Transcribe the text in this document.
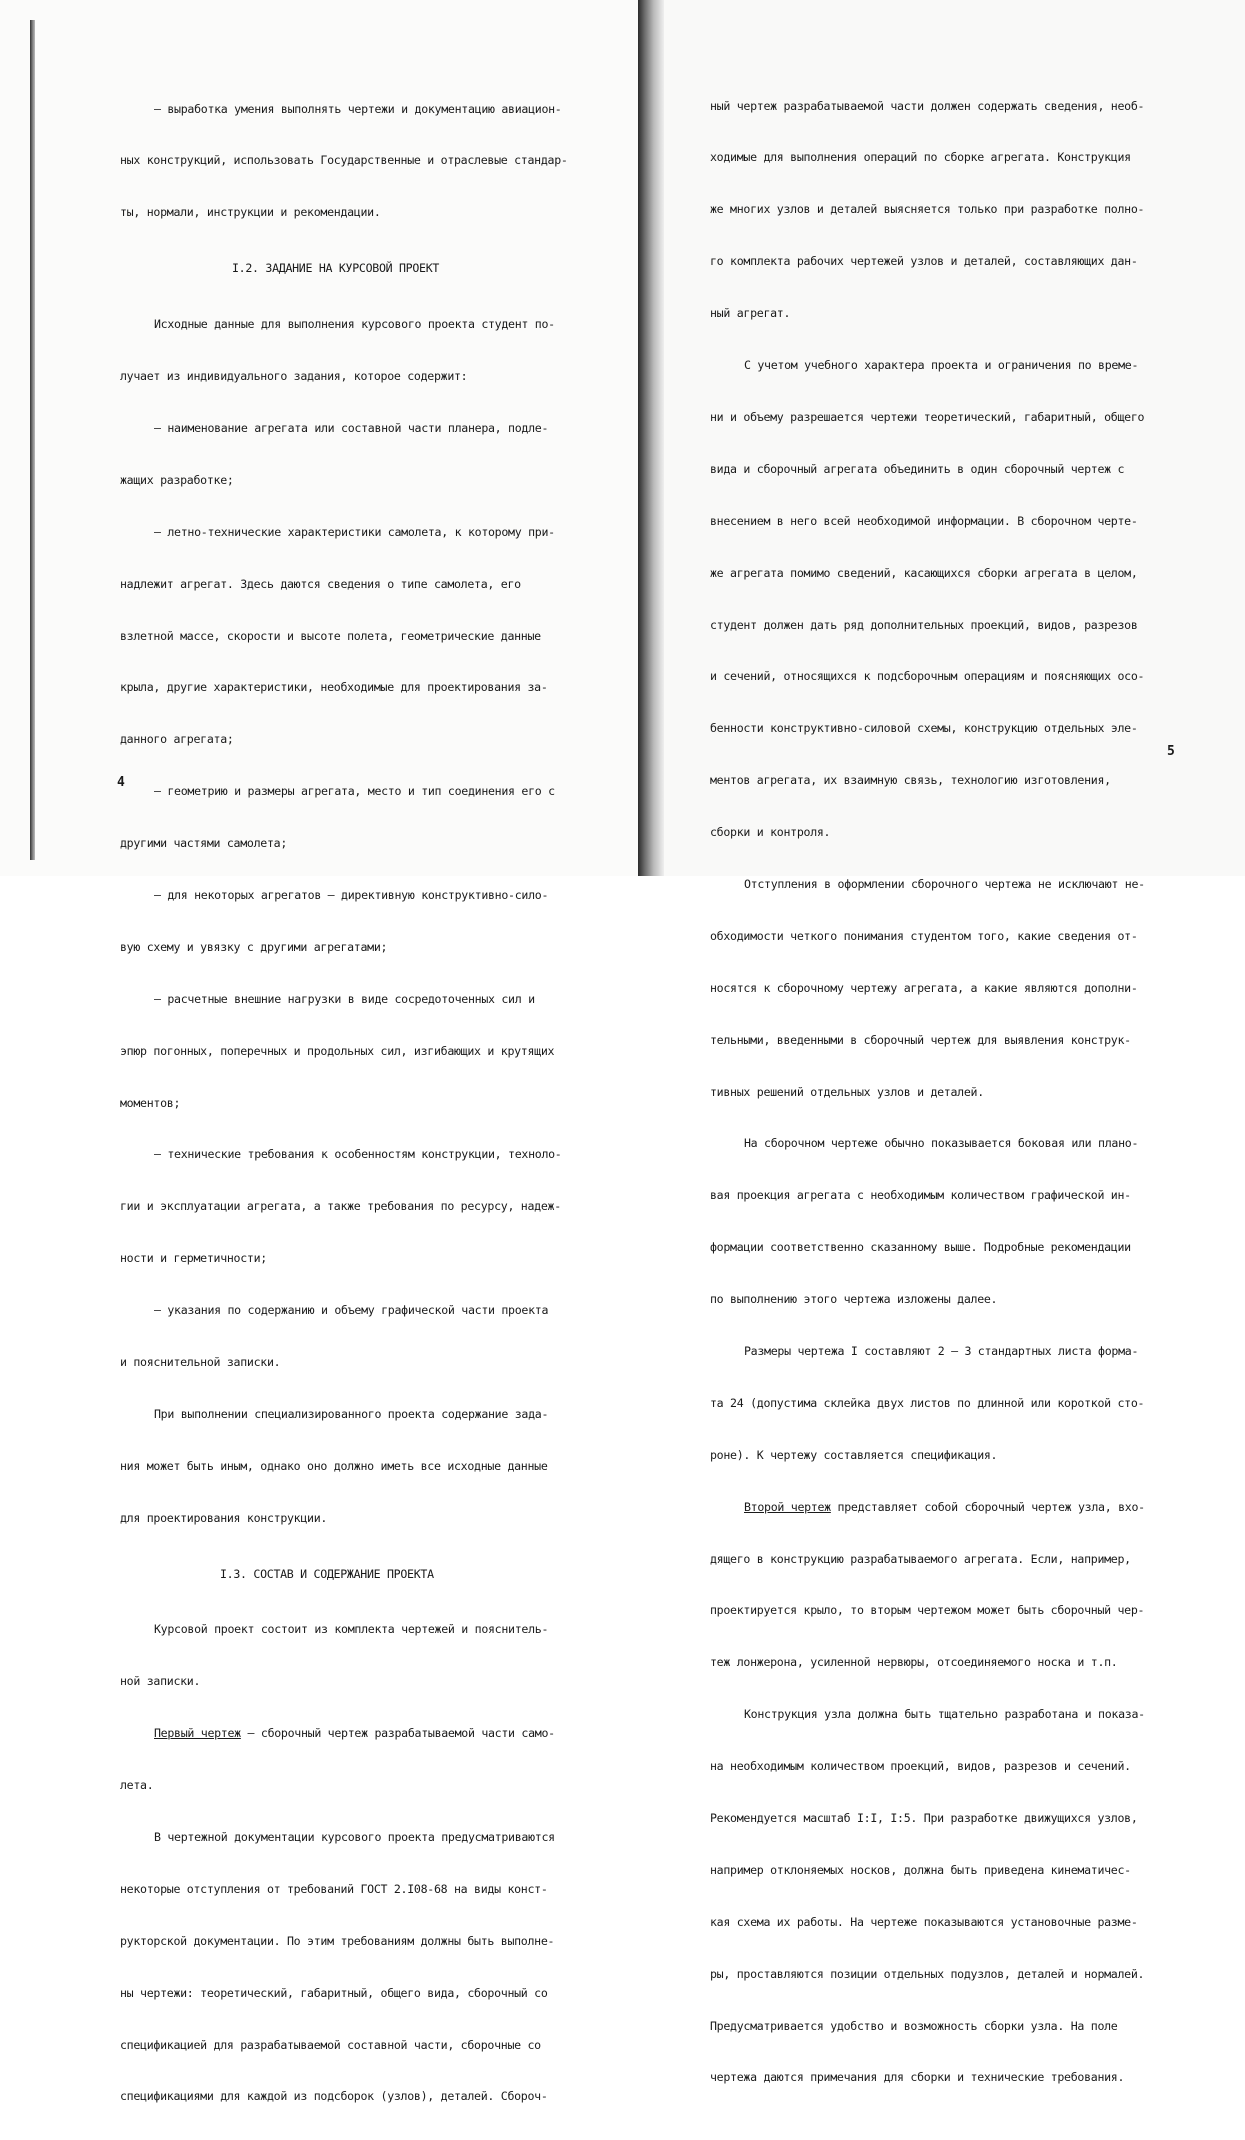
– выработка умения выполнять чертежи и документацию авиацион-

ных конструкций, использовать Государственные и отраслевые стандар-

ты, нормали, инструкции и рекомендации.

I.2. ЗАДАНИЕ НА КУРСОВОЙ ПРОЕКТ

Исходные данные для выполнения курсового проекта студент по-

лучает из индивидуального задания, которое содержит:

– наименование агрегата или составной части планера, подле-

жащих разработке;

– летно-технические характеристики самолета, к которому при-

надлежит агрегат. Здесь даются сведения о типе самолета, его

взлетной массе, скорости и высоте полета, геометрические данные

крыла, другие характеристики, необходимые для проектирования за-

данного агрегата;

– геометрию и размеры агрегата, место и тип соединения его с

другими частями самолета;

– для некоторых агрегатов – директивную конструктивно-сило-

вую схему и увязку с другими агрегатами;

– расчетные внешние нагрузки в виде сосредоточенных сил и

эпюр погонных, поперечных и продольных сил, изгибающих и крутящих

моментов;

– технические требования к особенностям конструкции, техноло-

гии и эксплуатации агрегата, а также требования по ресурсу, надеж-

ности и герметичности;

– указания по содержанию и объему графической части проекта

и пояснительной записки.

При выполнении специализированного проекта содержание зада-

ния может быть иным, однако оно должно иметь все исходные данные

для проектирования конструкции.

I.3. СОСТАВ И СОДЕРЖАНИЕ ПРОЕКТА

Курсовой проект состоит из комплекта чертежей и пояснитель-

ной записки.

Первый чертеж – сборочный чертеж разрабатываемой части само-

лета.

В чертежной документации курсового проекта предусматриваются

некоторые отступления от требований ГОСТ 2.I08-68 на виды конст-

рукторской документации. По этим требованиям должны быть выполне-

ны чертежи: теоретический, габаритный, общего вида, сборочный со

спецификацией для разрабатываемой составной части, сборочные со

спецификациями для каждой из подсборок (узлов), деталей. Сбороч-

4

ный чертеж разрабатываемой части должен содержать сведения, необ-

ходимые для выполнения операций по сборке агрегата. Конструкция

же многих узлов и деталей выясняется только при разработке полно-

го комплекта рабочих чертежей узлов и деталей, составляющих дан-

ный агрегат.

С учетом учебного характера проекта и ограничения по време-

ни и объему разрешается чертежи теоретический, габаритный, общего

вида и сборочный агрегата объединить в один сборочный чертеж с

внесением в него всей необходимой информации. В сборочном черте-

же агрегата помимо сведений, касающихся сборки агрегата в целом,

студент должен дать ряд дополнительных проекций, видов, разрезов

и сечений, относящихся к подсборочным операциям и поясняющих осо-

бенности конструктивно-силовой схемы, конструкцию отдельных эле-

ментов агрегата, их взаимную связь, технологию изготовления,

сборки и контроля.

Отступления в оформлении сборочного чертежа не исключают не-

обходимости четкого понимания студентом того, какие сведения от-

носятся к сборочному чертежу агрегата, а какие являются дополни-

тельными, введенными в сборочный чертеж для выявления конструк-

тивных решений отдельных узлов и деталей.

На сборочном чертеже обычно показывается боковая или плано-

вая проекция агрегата с необходимым количеством графической ин-

формации соответственно сказанному выше. Подробные рекомендации

по выполнению этого чертежа изложены далее.

Размеры чертежа I составляют 2 – 3 стандартных листа форма-

та 24 (допустима склейка двух листов по длинной или короткой сто-

роне). К чертежу составляется спецификация.

Второй чертеж представляет собой сборочный чертеж узла, вхо-

дящего в конструкцию разрабатываемого агрегата. Если, например,

проектируется крыло, то вторым чертежом может быть сборочный чер-

теж лонжерона, усиленной нервюры, отсоединяемого носка и т.п.

Конструкция узла должна быть тщательно разработана и показа-

на необходимым количеством проекций, видов, разрезов и сечений.

Рекомендуется масштаб I:I, I:5. При разработке движущихся узлов,

например отклоняемых носков, должна быть приведена кинематичес-

кая схема их работы. На чертеже показываются установочные разме-

ры, проставляются позиции отдельных подузлов, деталей и нормалей.

Предусматривается удобство и возможность сборки узла. На поле

чертежа даются примечания для сборки и технические требования.

5
